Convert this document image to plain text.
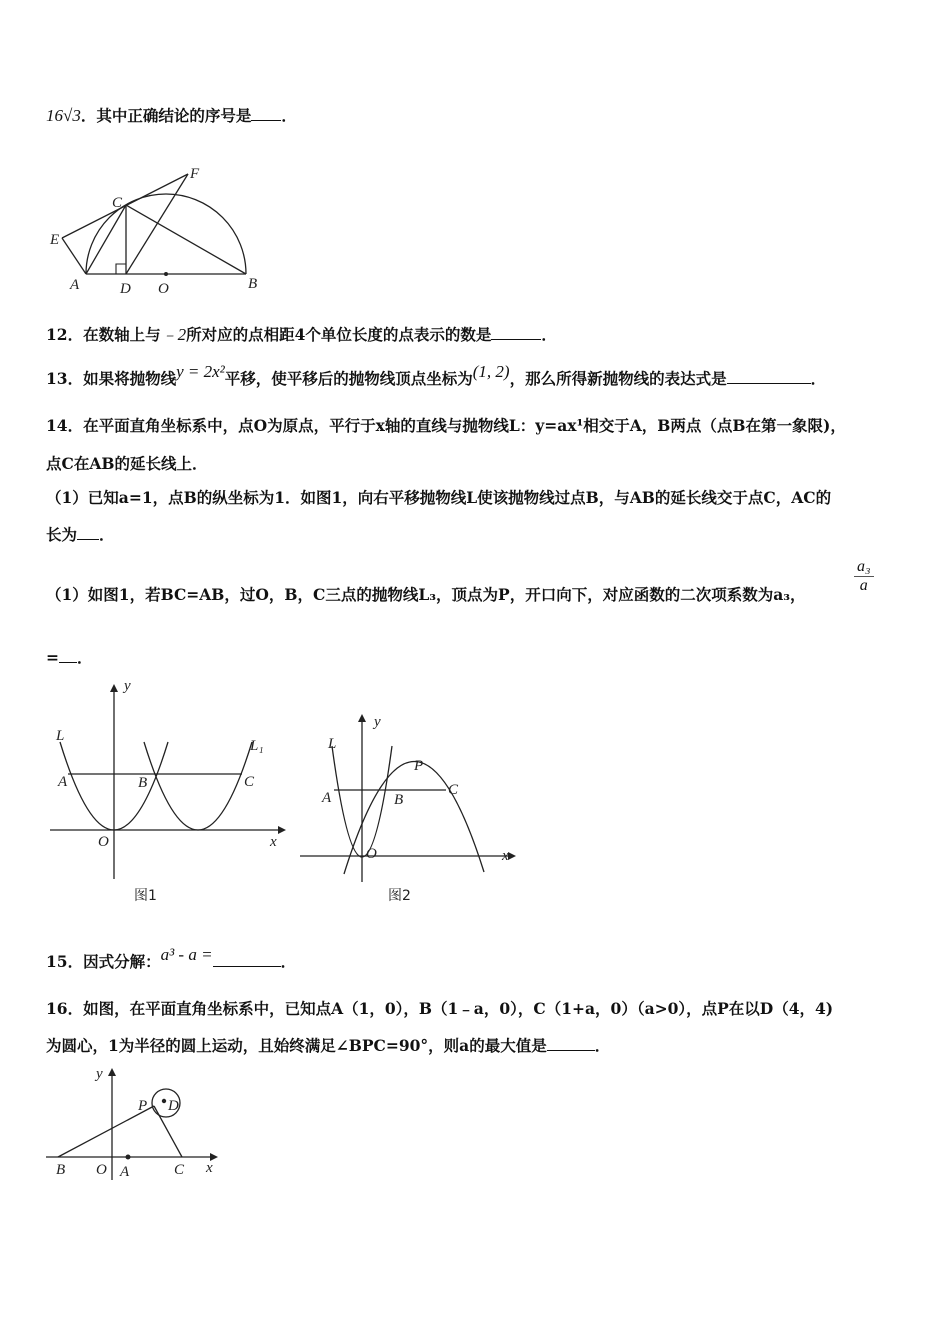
16√3．其中正确结论的序号是 ．
F
C
E
A	D O	B
12．在数轴上与﹣2所对应的点相距4个单位长度的点表示的数是	．
13．如果将抛物线y = 2x²平移，使平移后的抛物线顶点坐标为(1, 2)，那么所得新抛物线的表达式是	．
14．在平面直角坐标系中，点O为原点，平行于x轴的直线与抛物线L：y=ax¹相交于A，B两点（点B在第一象限)，
点C在AB的延长线上．
（1）已知a=1，点B的纵坐标为1．如图1，向右平移抛物线L使该抛物线过点B，与AB的延长线交于点C，AC的
长为 ．
（1）如图1，若BC=AB，过O，B，C三点的抛物线L₃，顶点为P，开口向下，对应函数的二次项系数为a₃，	$\frac{\text{a₃}}{a}$
= ．
y
L
L₁
A	B	C
O	x
图1
y
L
P
A	B
C
O	x
图2
15．因式分解：a³ - a =	．
16．如图，在平面直角坐标系中，已知点A（1，0），B（1﹣a，0），C（1+a，0）（a>0），点P在以D（4，4)
为圆心，1为半径的圆上运动，且始终满足∠BPC=90°，则a的最大值是	．
y
P D
B O A	C x
